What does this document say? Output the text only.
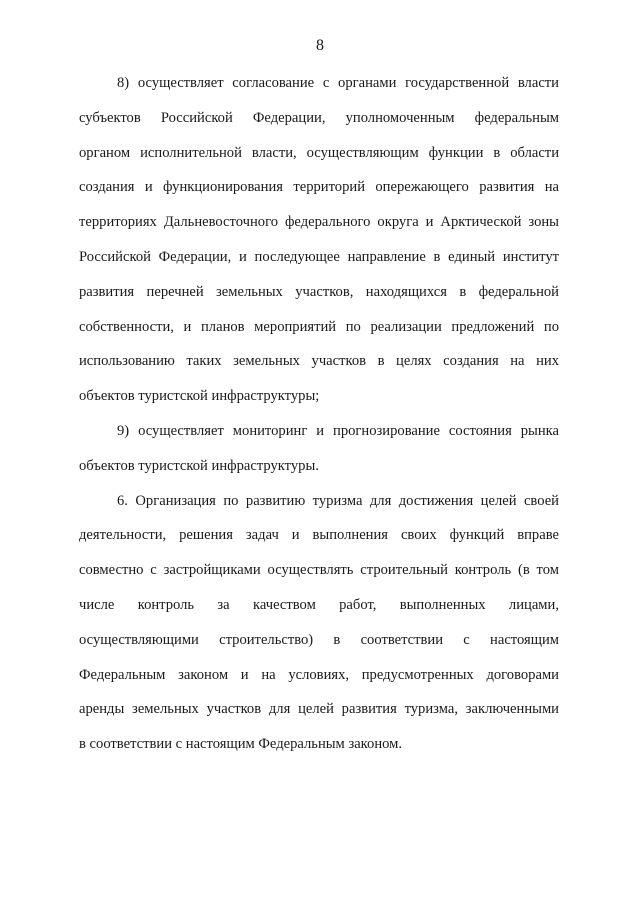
8
8) осуществляет согласование с органами государственной власти
субъектов Российской Федерации, уполномоченным федеральным
органом исполнительной власти, осуществляющим функции в области
создания и функционирования территорий опережающего развития на
территориях Дальневосточного федерального округа и Арктической зоны
Российской Федерации, и последующее направление в единый институт
развития перечней земельных участков, находящихся в федеральной
собственности, и планов мероприятий по реализации предложений по
использованию таких земельных участков в целях создания на них
объектов туристской инфраструктуры;
9) осуществляет мониторинг и прогнозирование состояния рынка
объектов туристской инфраструктуры.
6. Организация по развитию туризма для достижения целей своей
деятельности, решения задач и выполнения своих функций вправе
совместно с застройщиками осуществлять строительный контроль (в том
числе контроль за качеством работ, выполненных лицами,
осуществляющими строительство) в соответствии с настоящим
Федеральным законом и на условиях, предусмотренных договорами
аренды земельных участков для целей развития туризма, заключенными
в соответствии с настоящим Федеральным законом.
